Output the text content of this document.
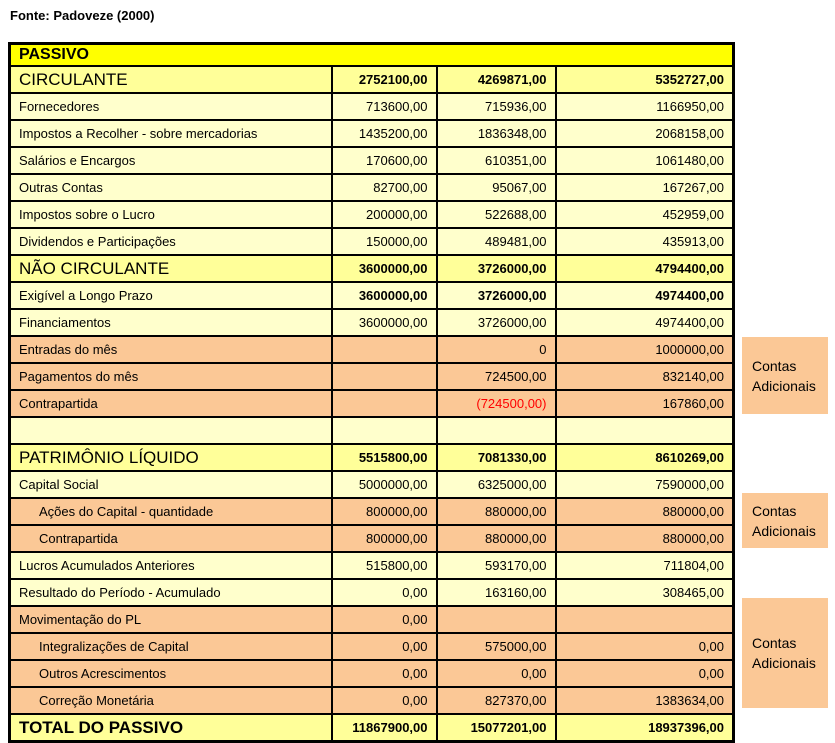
Fonte: Padoveze (2000)
PASSIVO			
CIRCULANTE	2752100,00	4269871,00	5352727,00
Fornecedores	713600,00	715936,00	1166950,00
Impostos a Recolher - sobre mercadorias	1435200,00	1836348,00	2068158,00
Salários e Encargos	170600,00	610351,00	1061480,00
Outras Contas	82700,00	95067,00	167267,00
Impostos sobre o Lucro	200000,00	522688,00	452959,00
Dividendos e Participações	150000,00	489481,00	435913,00
NÃO CIRCULANTE	3600000,00	3726000,00	4794400,00
Exigível a Longo Prazo	3600000,00	3726000,00	4974400,00
Financiamentos	3600000,00	3726000,00	4974400,00
Entradas do mês		0	1000000,00
Pagamentos do mês		724500,00	832140,00
Contrapartida		(724500,00)	167860,00

PATRIMÔNIO LÍQUIDO	5515800,00	7081330,00	8610269,00
Capital Social	5000000,00	6325000,00	7590000,00
Ações do Capital - quantidade	800000,00	880000,00	880000,00
Contrapartida	800000,00	880000,00	880000,00
Lucros Acumulados Anteriores	515800,00	593170,00	711804,00
Resultado do Período - Acumulado	0,00	163160,00	308465,00
Movimentação do PL	0,00		
Integralizações de Capital	0,00	575000,00	0,00
Outros Acrescimentos	0,00	0,00	0,00
Correção Monetária	0,00	827370,00	1383634,00
TOTAL DO PASSIVO	11867900,00	15077201,00	18937396,00
Contas
Adicionais
Contas
Adicionais
Contas
Adicionais
